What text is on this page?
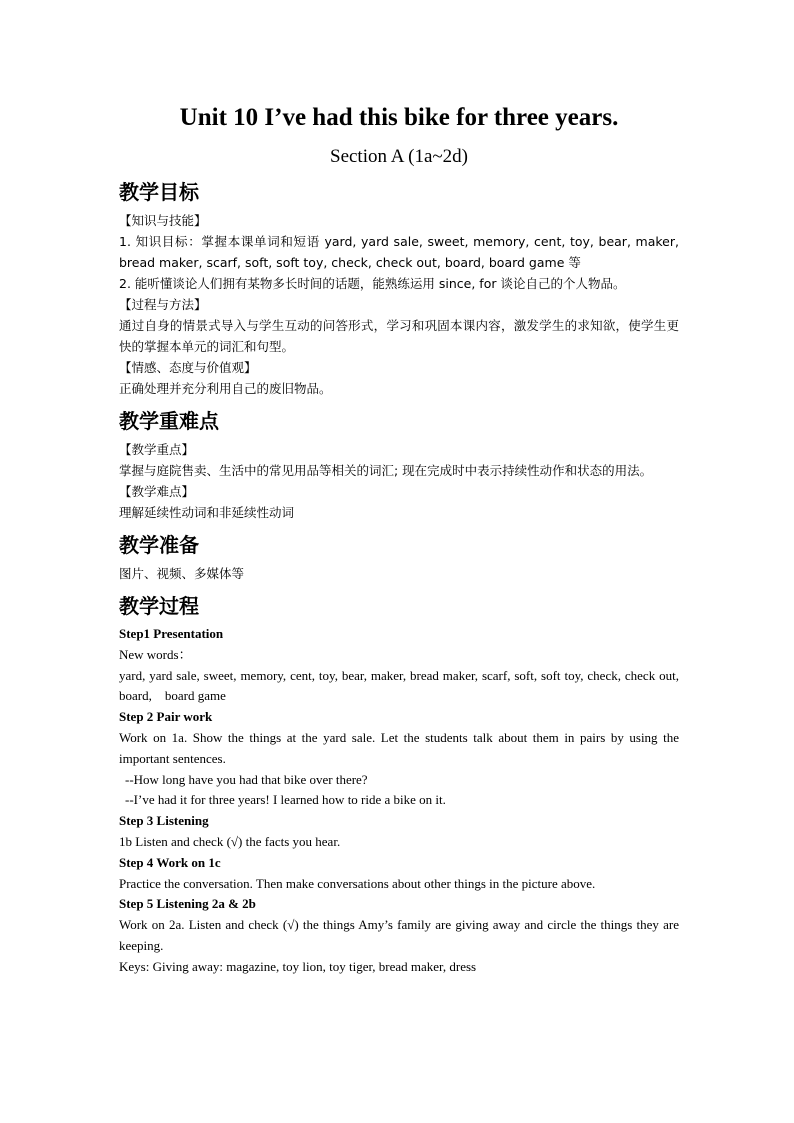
Unit 10 I’ve had this bike for three years.
Section A (1a~2d)
教学目标

【知识与技能】

1. 知识目标：掌握本课单词和短语 yard, yard sale, sweet, memory, cent, toy, bear, maker, bread maker, scarf, soft, soft toy, check, check out, board, board game 等

2. 能听懂谈论人们拥有某物多长时间的话题，能熟练运用 since, for 谈论自己的个人物品。

【过程与方法】

通过自身的情景式导入与学生互动的问答形式，学习和巩固本课内容，激发学生的求知欲，使学生更快的掌握本单元的词汇和句型。

【情感、态度与价值观】

正确处理并充分利用自己的废旧物品。

教学重难点

【教学重点】

掌握与庭院售卖、生活中的常见用品等相关的词汇; 现在完成时中表示持续性动作和状态的用法。

【教学难点】

理解延续性动词和非延续性动词

教学准备

图片、视频、多媒体等

教学过程

Step1 Presentation

New words：

yard, yard sale, sweet, memory, cent, toy, bear, maker, bread maker, scarf, soft, soft toy, check, check out, board,    board game

Step 2 Pair work

Work on 1a. Show the things at the yard sale. Let the students talk about them in pairs by using the important sentences.

--How long have you had that bike over there?

--I’ve had it for three years! I learned how to ride a bike on it.

Step 3 Listening

1b Listen and check (√) the facts you hear.

Step 4 Work on 1c

Practice the conversation. Then make conversations about other things in the picture above.

Step 5 Listening 2a & 2b

Work on 2a. Listen and check (√) the things Amy’s family are giving away and circle the things they are keeping.

Keys: Giving away: magazine, toy lion, toy tiger, bread maker, dress
